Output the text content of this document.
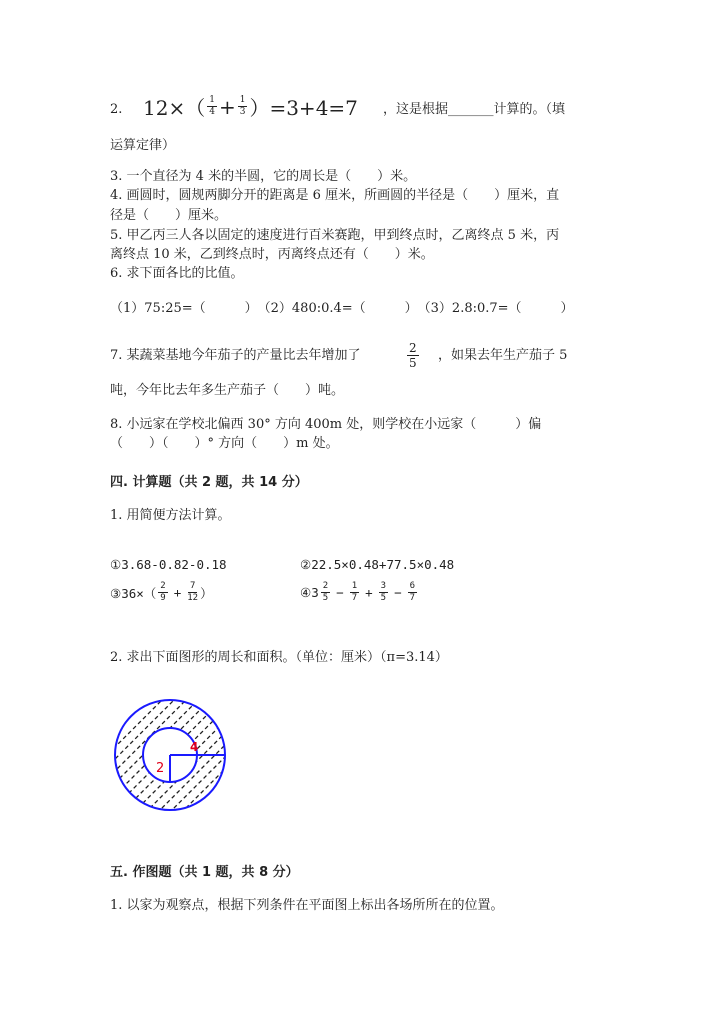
2. $12\times( \frac{1}{4} + \frac{1}{3} )=3+4=7$ ，这是根据_______计算的。（填
运算定律）
3. 一个直径为 4 米的半圆，它的周长是（　　）米。
4. 画圆时，圆规两脚分开的距离是 6 厘米，所画圆的半径是（　　）厘米，直
径是（　　）厘米。
5. 甲乙丙三人各以固定的速度进行百米赛跑，甲到终点时，乙离终点 5 米，丙
离终点 10 米，乙到终点时，丙离终点还有（　　）米。
6. 求下面各比的比值。
（1）75:25=（　　　）　（2）480:0.4=（　　　）　（3）2.8:0.7=（　　　）
7. 某蔬菜基地今年茄子的产量比去年增加了	$\frac{2}{5}$ ，如果去年生产茄子 5
吨，今年比去年多生产茄子（　　）吨。
8. 小远家在学校北偏西 30° 方向 400m 处，则学校在小远家（　　　）偏
（　　）（　　）° 方向（　　）m 处。
四. 计算题（共 2 题，共 14 分）
1. 用简便方法计算。
①3.68-0.82-0.18	②22.5×0.48+77.5×0.48
③36×（ $\frac{2}{9} + \frac{7}{12}$ ）	④3 $\frac{2}{5} - \frac{1}{7} + \frac{3}{5} - \frac{6}{7}$
2. 求出下面图形的周长和面积。（单位：厘米）（π=3.14）
2
4
五. 作图题（共 1 题，共 8 分）
1. 以家为观察点，根据下列条件在平面图上标出各场所所在的位置。
